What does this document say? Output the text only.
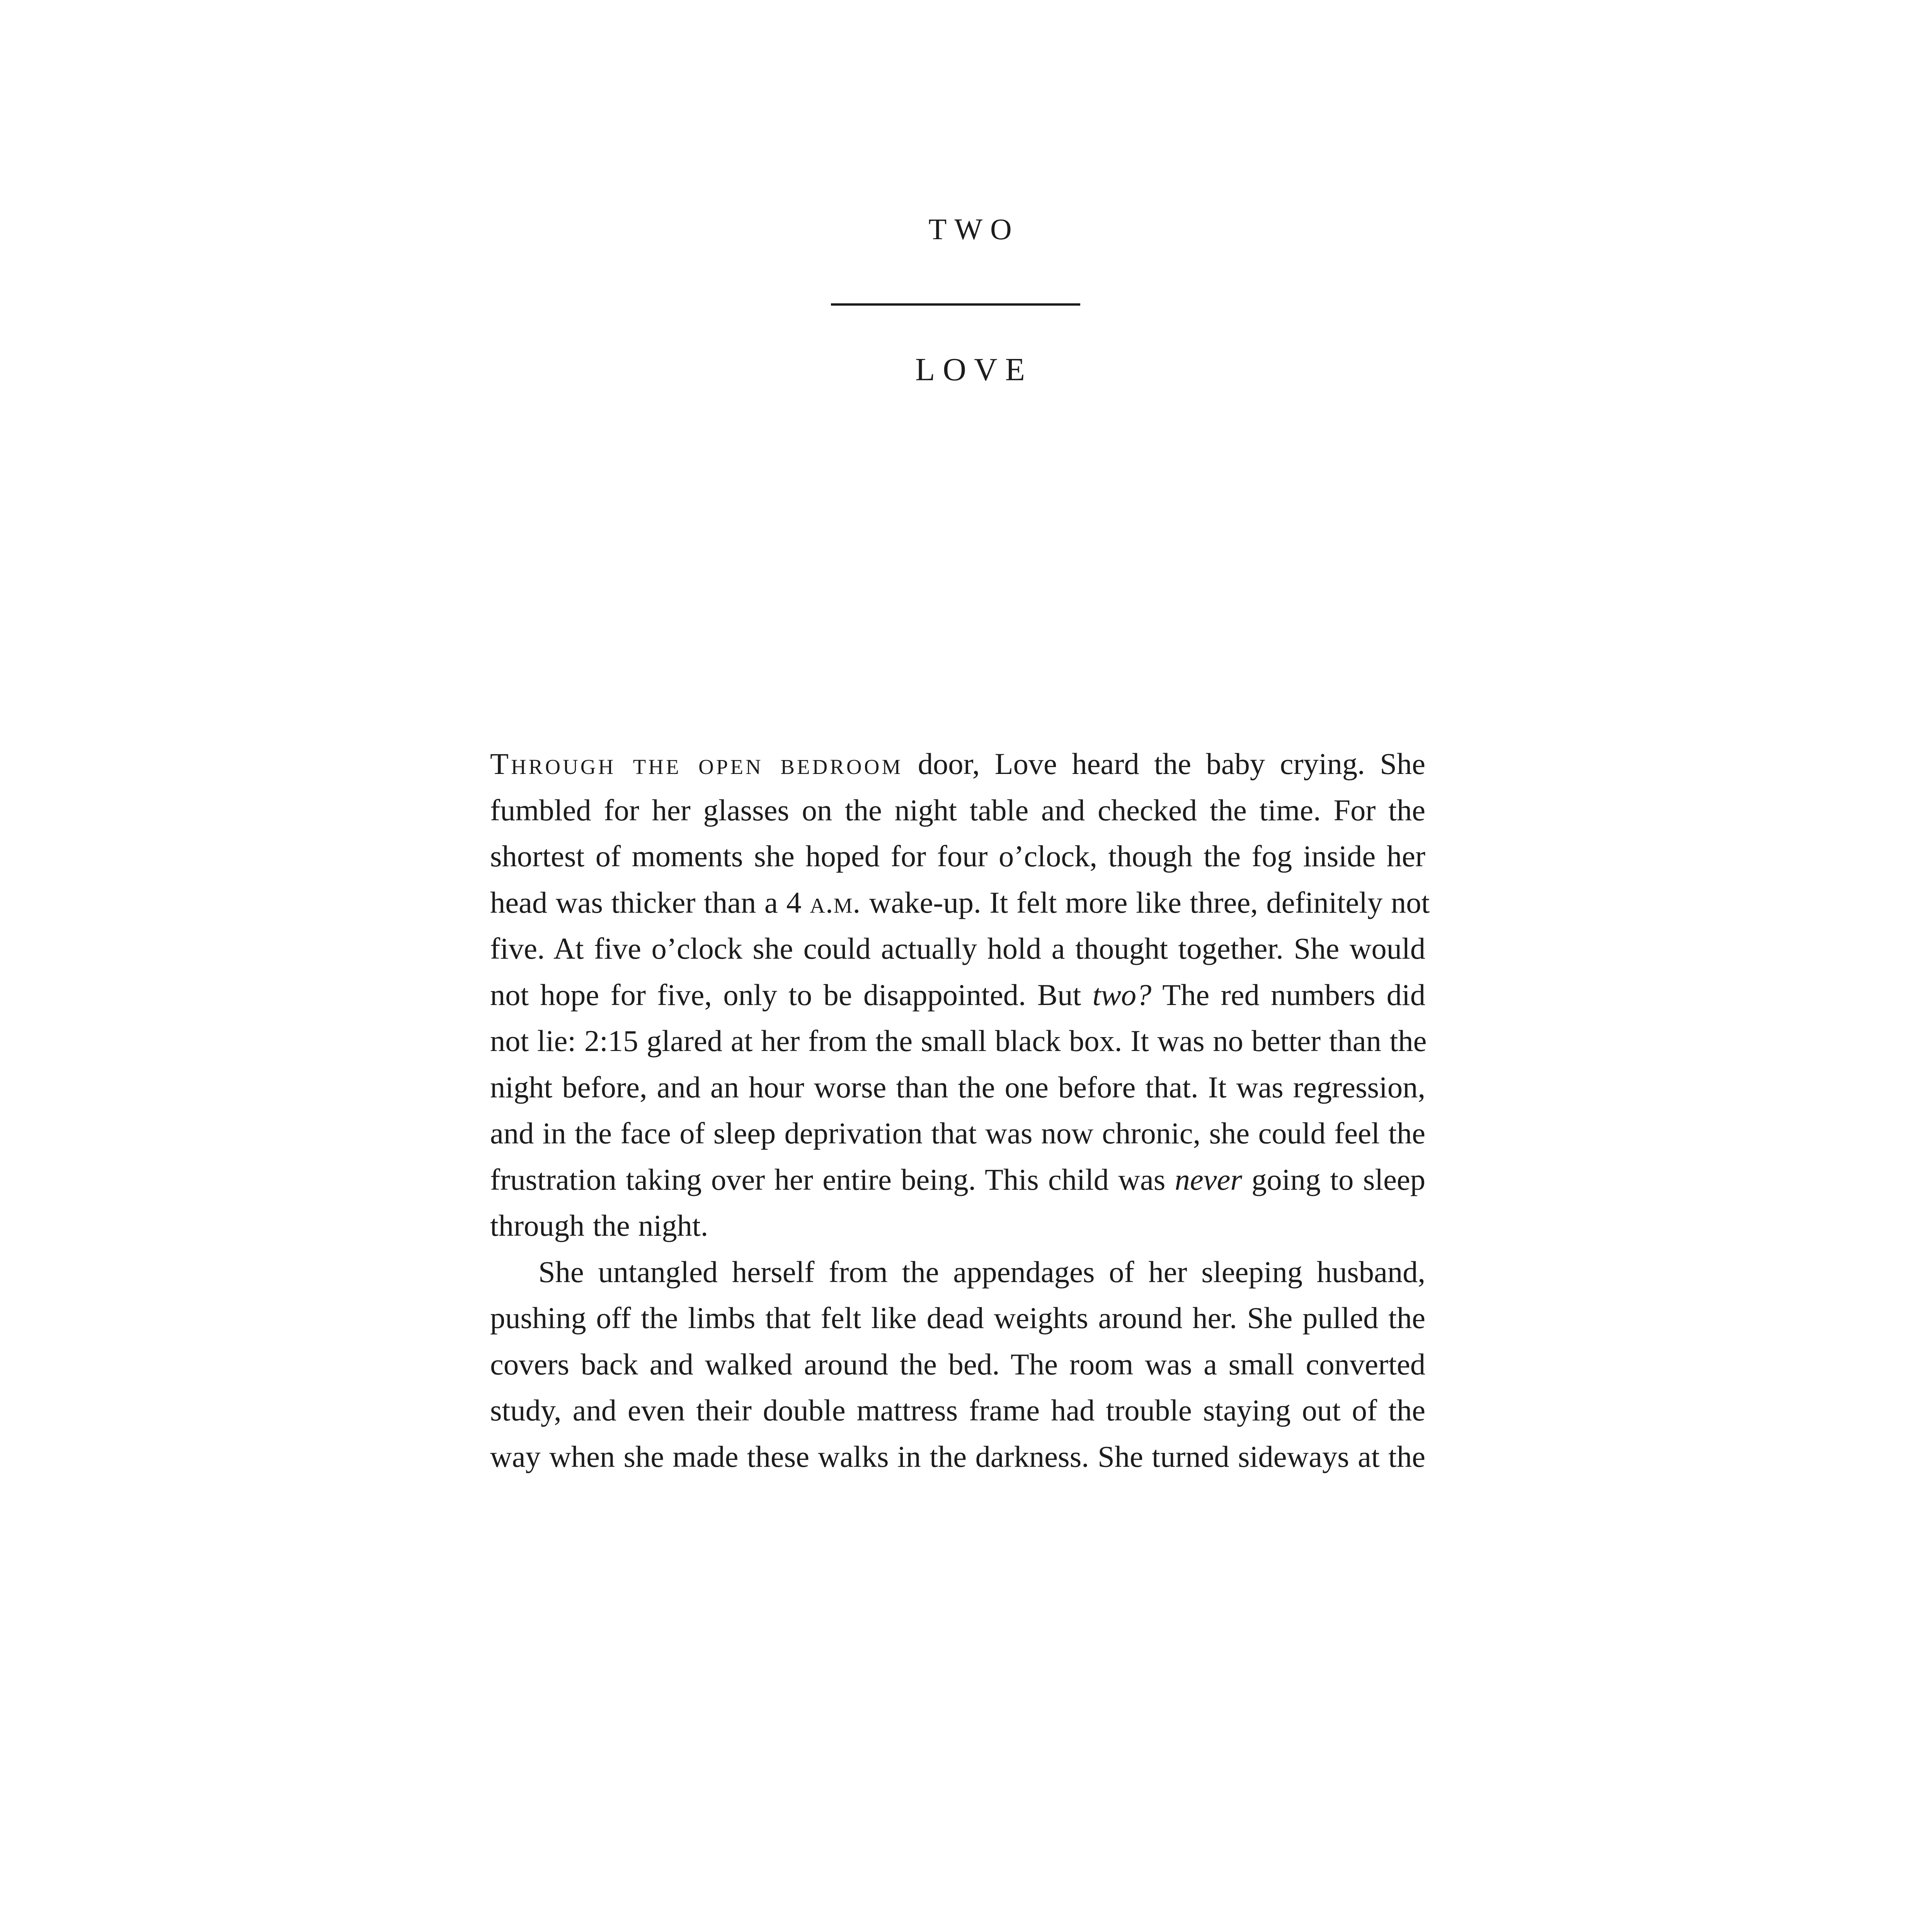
TWO
LOVE
Through the open bedroom door, Love heard the baby crying. She
fumbled for her glasses on the night table and checked the time. For the
shortest of moments she hoped for four o’clock, though the fog inside her
head was thicker than a 4 a.m. wake-up. It felt more like three, definitely not
five. At five o’clock she could actually hold a thought together. She would
not hope for five, only to be disappointed. But two? The red numbers did
not lie: 2:15 glared at her from the small black box. It was no better than the
night before, and an hour worse than the one before that. It was regression,
and in the face of sleep deprivation that was now chronic, she could feel the
frustration taking over her entire being. This child was never going to sleep
through the night.
She untangled herself from the appendages of her sleeping husband,
pushing off the limbs that felt like dead weights around her. She pulled the
covers back and walked around the bed. The room was a small converted
study, and even their double mattress frame had trouble staying out of the
way when she made these walks in the darkness. She turned sideways at the
